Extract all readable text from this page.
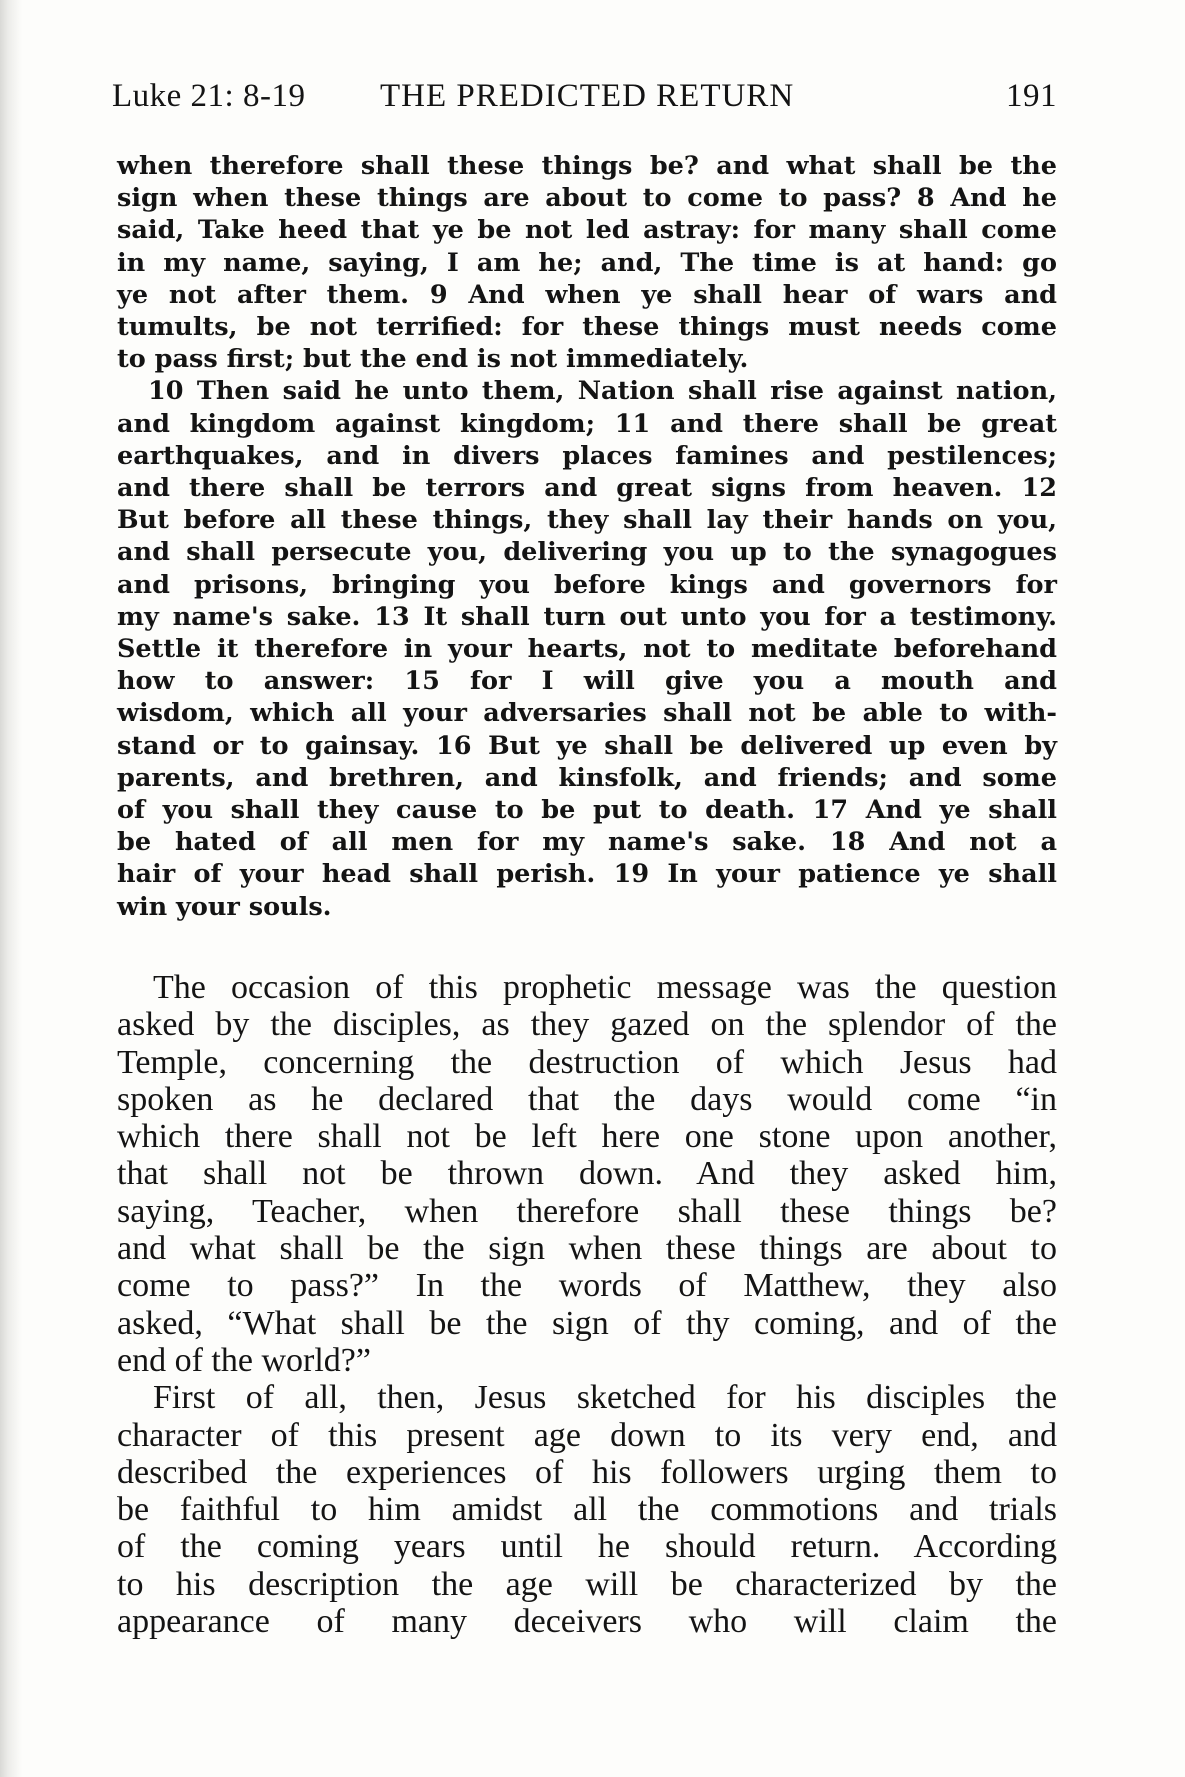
Luke 21: 8-19 THE PREDICTED RETURN	191
when therefore shall these things be? and what shall be the
sign when these things are about to come to pass? 8 And he
said, Take heed that ye be not led astray: for many shall come
in my name, saying, I am he; and, The time is at hand: go
ye not after them. 9 And when ye shall hear of wars and
tumults, be not terrified: for these things must needs come
to pass first; but the end is not immediately.
10 Then said he unto them, Nation shall rise against nation,
and kingdom against kingdom; 11 and there shall be great
earthquakes, and in divers places famines and pestilences;
and there shall be terrors and great signs from heaven. 12
But before all these things, they shall lay their hands on you,
and shall persecute you, delivering you up to the synagogues
and prisons, bringing you before kings and governors for
my name's sake. 13 It shall turn out unto you for a testimony.
Settle it therefore in your hearts, not to meditate beforehand
how to answer: 15 for I will give you a mouth and
wisdom, which all your adversaries shall not be able to with-
stand or to gainsay. 16 But ye shall be delivered up even by
parents, and brethren, and kinsfolk, and friends; and some
of you shall they cause to be put to death. 17 And ye shall
be hated of all men for my name's sake. 18 And not a
hair of your head shall perish. 19 In your patience ye shall
win your souls.
The occasion of this prophetic message was the question
asked by the disciples, as they gazed on the splendor of the
Temple, concerning the destruction of which Jesus had
spoken as he declared that the days would come “in
which there shall not be left here one stone upon another,
that shall not be thrown down. And they asked him,
saying, Teacher, when therefore shall these things be?
and what shall be the sign when these things are about to
come to pass?” In the words of Matthew, they also
asked, “What shall be the sign of thy coming, and of the
end of the world?”
First of all, then, Jesus sketched for his disciples the
character of this present age down to its very end, and
described the experiences of his followers urging them to
be faithful to him amidst all the commotions and trials
of the coming years until he should return. According
to his description the age will be characterized by the
appearance of many deceivers who will claim the
